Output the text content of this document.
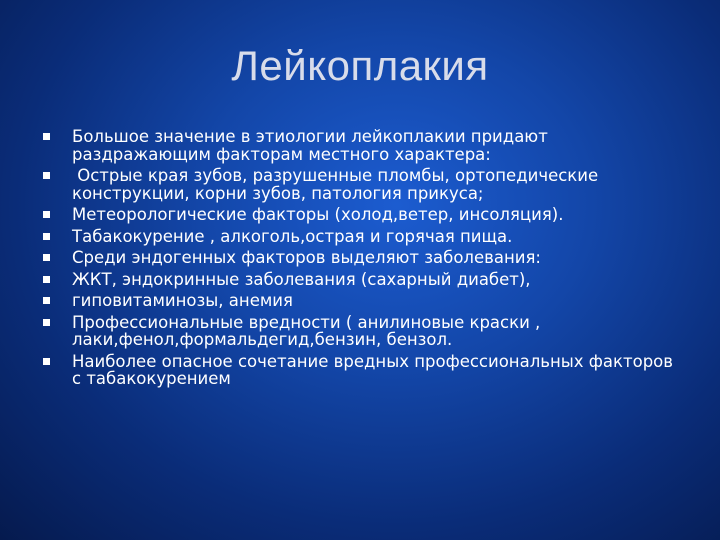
Лейкоплакия
Большое значение в этиологии лейкоплакии придают раздражающим факторам местного характера:
Острые края зубов, разрушенные пломбы, ортопедические конструкции, корни зубов, патология прикуса;
Метеорологические факторы (холод,ветер, инсоляция).
Табакокурение , алкоголь,острая и горячая пища.
Среди эндогенных факторов выделяют заболевания:
ЖКТ, эндокринные заболевания (сахарный диабет),
гиповитаминозы, анемия
Профессиональные вредности ( анилиновые краски , лаки,фенол,формальдегид,бензин, бензол.
Наиболее опасное сочетание вредных профессиональных факторов с табакокурением
